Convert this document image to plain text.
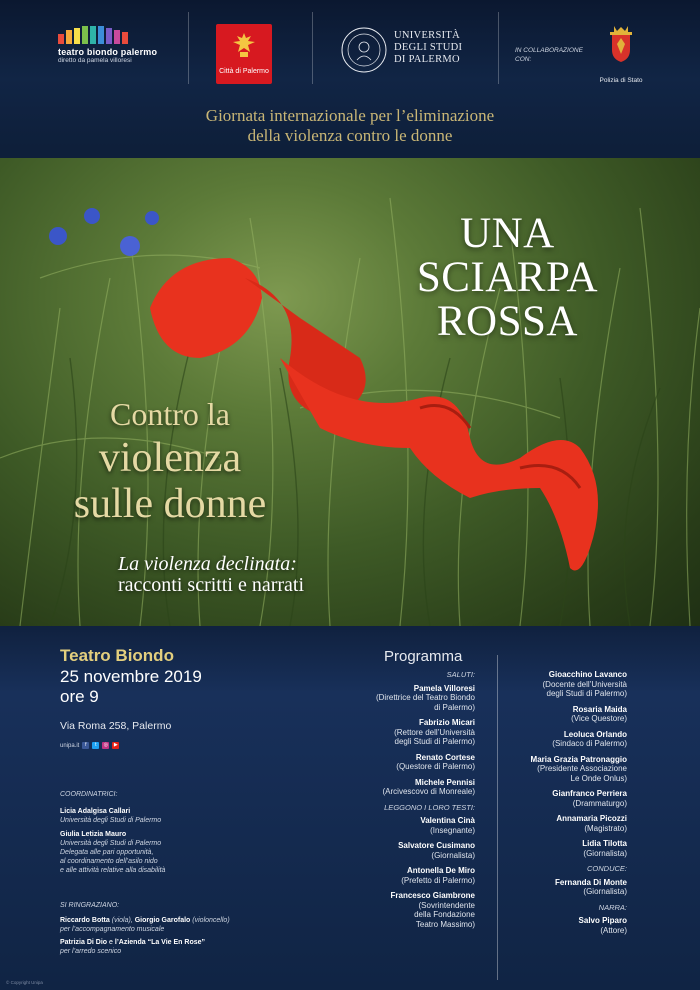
teatro biondo palermo
diretto da pamela villoresi
Città di Palermo
UNIVERSITÀ
DEGLI STUDI
DI PALERMO
IN COLLABORAZIONE
CON:
Polizia di Stato
Giornata internazionale per l’eliminazione
della violenza contro le donne
UNA
SCIARPA
ROSSA
Contro la
violenza
sulle donne
La violenza declinata:
racconti scritti e narrati
Teatro Biondo
25 novembre 2019
ore 9
Via Roma 258, Palermo
unipa.it	f	t	◎	▶
COORDINATRICI:
Licia Adalgisa Callari
Università degli Studi di Palermo
Giulia Letizia Mauro
Università degli Studi di Palermo
Delegata alle pari opportunità,
al coordinamento dell’asilo nido
e alle attività relative alla disabilità
SI RINGRAZIANO:
Riccardo Botta (viola), Giorgio Garofalo (violoncello)
per l’accompagnamento musicale
Patrizia Di Dio e l’Azienda “La Vie En Rose”
per l’arredo scenico
© Copyright Unipa
Programma
SALUTI:
Pamela Villoresi
(Direttrice del Teatro Biondo
di Palermo)
Fabrizio Micari
(Rettore dell’Università
degli Studi di Palermo)
Renato Cortese
(Questore di Palermo)
Michele Pennisi
(Arcivescovo di Monreale)
LEGGONO I LORO TESTI:
Valentina Cinà
(Insegnante)
Salvatore Cusimano
(Giornalista)
Antonella De Miro
(Prefetto di Palermo)
Francesco Giambrone
(Sovrintendente
della Fondazione
Teatro Massimo)
Gioacchino Lavanco
(Docente dell’Università
degli Studi di Palermo)
Rosaria Maida
(Vice Questore)
Leoluca Orlando
(Sindaco di Palermo)
Maria Grazia Patronaggio
(Presidente Associazione
Le Onde Onlus)
Gianfranco Perriera
(Drammaturgo)
Annamaria Picozzi
(Magistrato)
Lidia Tilotta
(Giornalista)
CONDUCE:
Fernanda Di Monte
(Giornalista)
NARRA:
Salvo Piparo
(Attore)
